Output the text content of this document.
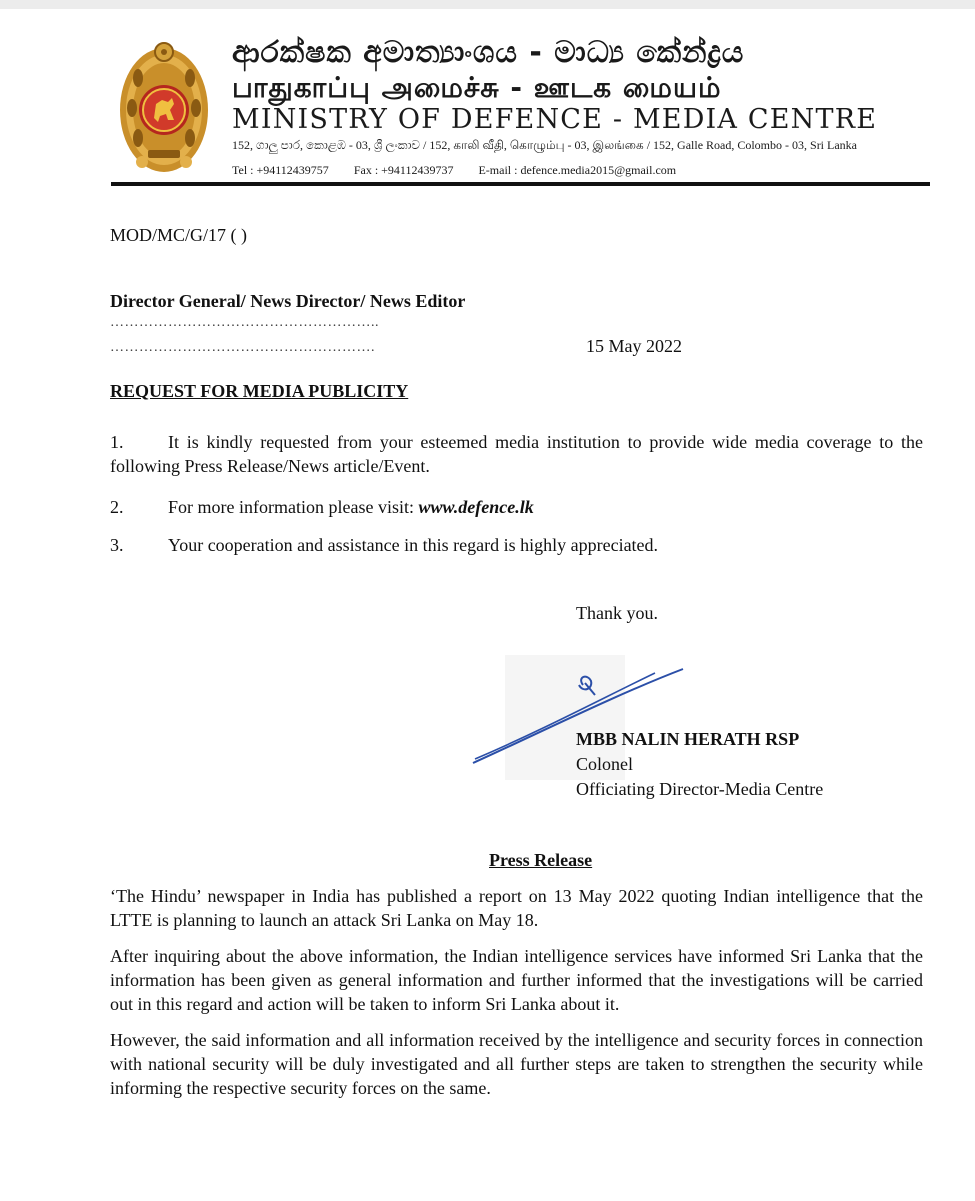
ආරක්ෂක අමාත්‍යාංශය - මාධ්‍ය කේන්ද්‍රය
பாதுகாப்பு அமைச்சு - ஊடக மையம்
MINISTRY OF DEFENCE - MEDIA CENTRE
152, ගාලු පාර, කොළඹ - 03, ශ්‍රී ලංකාව / 152, காலி வீதி, கொழும்பு - 03, இலங்கை / 152, Galle Road, Colombo - 03, Sri Lanka
Tel : +94112439757 Fax : +94112439737 E-mail : defence.media2015@gmail.com
MOD/MC/G/17 ( )
Director General/ News Director/ News Editor
………………………………………………..
……………………………………………….	15 May 2022
REQUEST FOR MEDIA PUBLICITY
1. It is kindly requested from your esteemed media institution to provide wide media coverage to the following Press Release/News article/Event.
2. For more information please visit: www.defence.lk
3. Your cooperation and assistance in this regard is highly appreciated.
Thank you.
MBB NALIN HERATH RSP
Colonel
Officiating Director-Media Centre
Press Release
‘The Hindu’ newspaper in India has published a report on 13 May 2022 quoting Indian intelligence that the LTTE is planning to launch an attack Sri Lanka on May 18.
After inquiring about the above information, the Indian intelligence services have informed Sri Lanka that the information has been given as general information and further informed that the investigations will be carried out in this regard and action will be taken to inform Sri Lanka about it.
However, the said information and all information received by the intelligence and security forces in connection with national security will be duly investigated and all further steps are taken to strengthen the security while informing the respective security forces on the same.
